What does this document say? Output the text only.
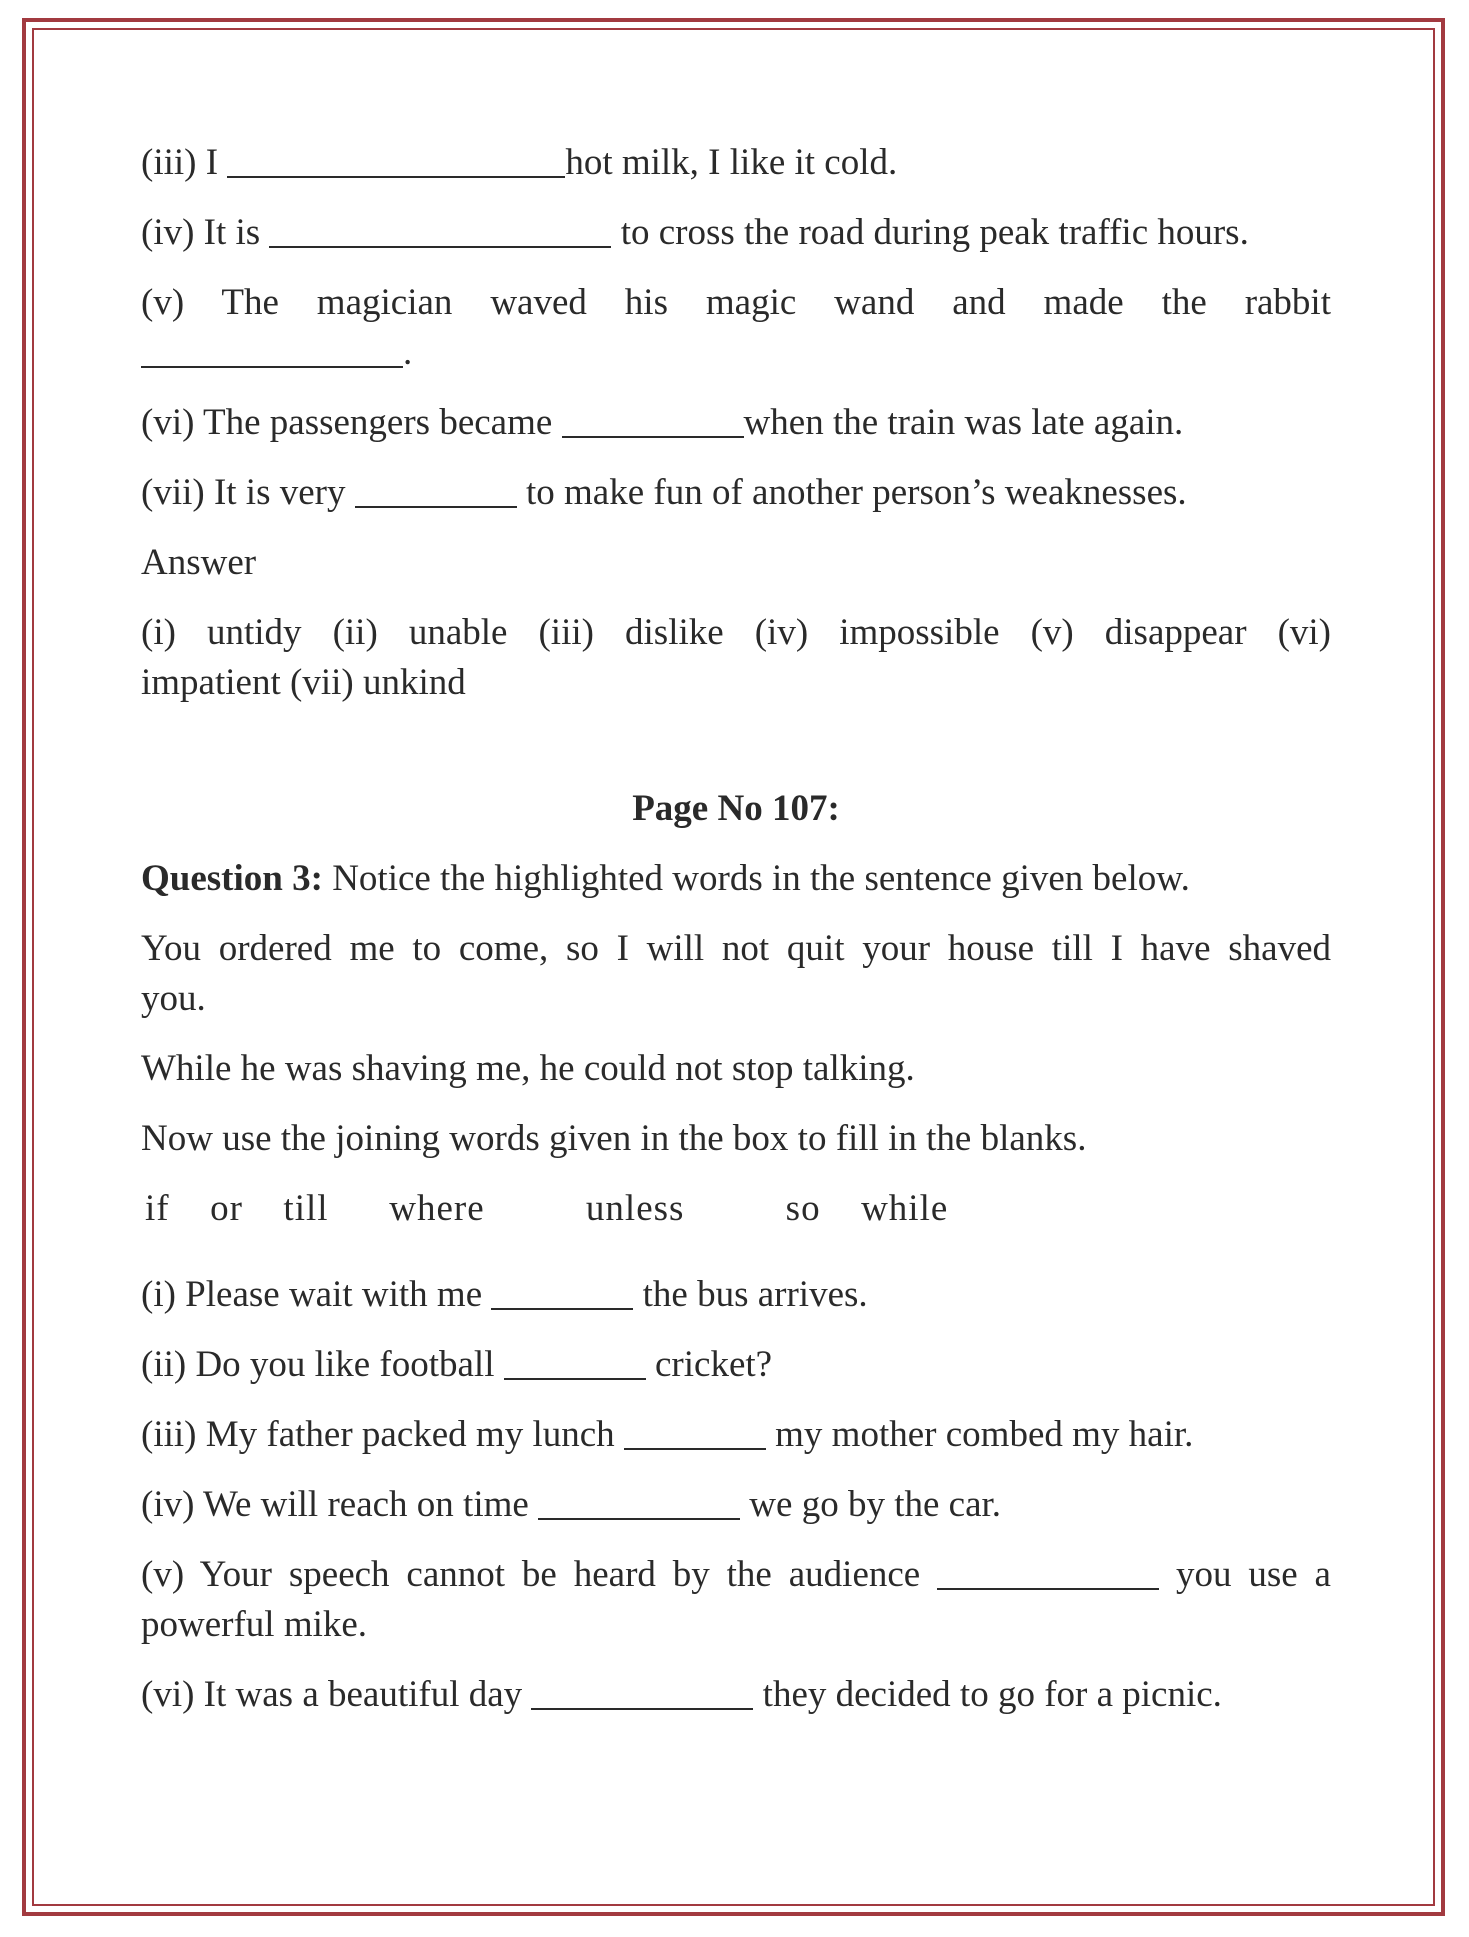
(iii) I	hot milk, I like it cold.

(iv) It is	to cross the road during peak traffic hours.

(v) The magician waved his magic wand and made the rabbit

.

(vi) The passengers became	when the train was late again.

(vii) It is very	to make fun of another person’s weaknesses.

Answer

(i) untidy (ii) unable (iii) dislike (iv) impossible (v) disappear (vi)

impatient (vii) unkind

Page No 107:

Question 3: Notice the highlighted words in the sentence given below.

You ordered me to come, so I will not quit your house till I have shaved

you.

While he was shaving me, he could not stop talking.

Now use the joining words given in the box to fill in the blanks.

if  or  till   where     unless     so  while

(i) Please wait with me	the bus arrives.

(ii) Do you like football	cricket?

(iii) My father packed my lunch	my mother combed my hair.

(iv) We will reach on time	we go by the car.

(v) Your speech cannot be heard by the audience	you use a

powerful mike.

(vi) It was a beautiful day	they decided to go for a picnic.
